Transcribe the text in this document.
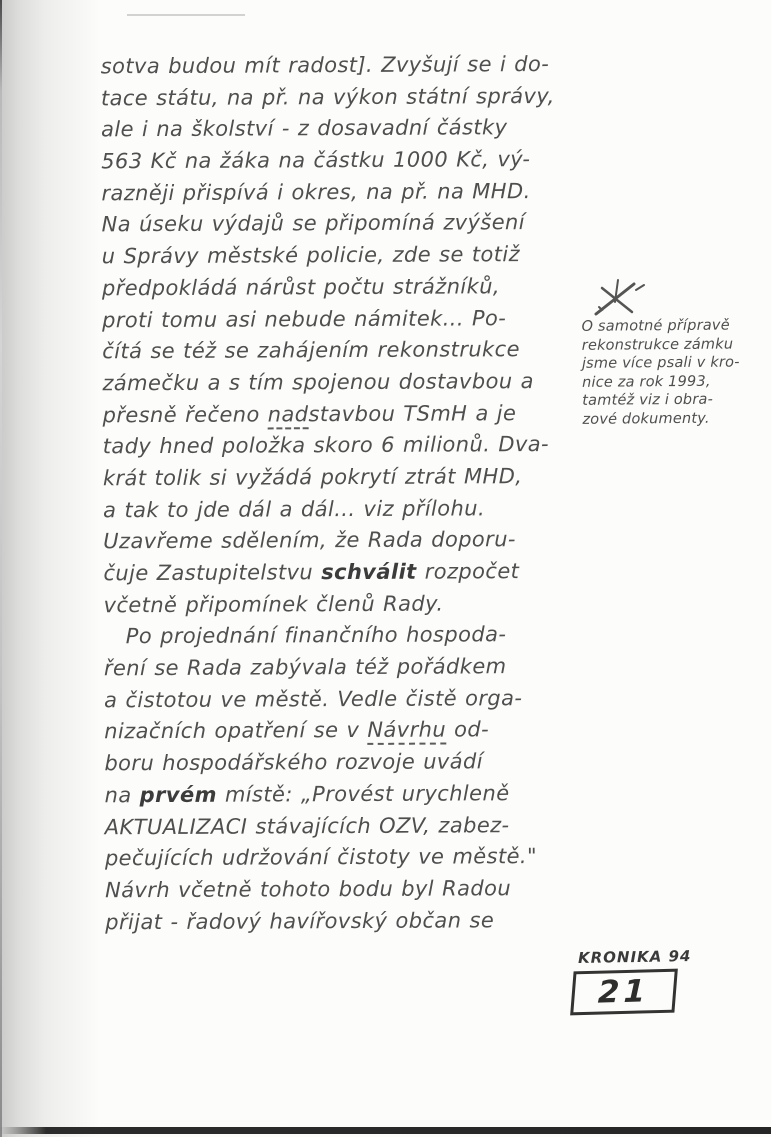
sotva budou mít radost]. Zvyšují se i do-
tace státu, na př. na výkon státní správy,
ale i na školství - z dosavadní částky
563 Kč na žáka na částku 1000 Kč, vý-
razněji přispívá i okres, na př. na MHD.
Na úseku výdajů se připomíná zvýšení
u Správy městské policie, zde se totiž
předpokládá nárůst počtu strážníků,
proti tomu asi nebude námitek... Po-
čítá se též se zahájením rekonstrukce
zámečku a s tím spojenou dostavbou a
přesně řečeno nadstavbou TSmH a je
tady hned položka skoro 6 milionů. Dva-
krát tolik si vyžádá pokrytí ztrát MHD,
a tak to jde dál a dál... viz přílohu.
Uzavřeme sdělením, že Rada doporu-
čuje Zastupitelstvu schválit rozpočet
včetně připomínek členů Rady.
Po projednání finančního hospoda-
ření se Rada zabývala též pořádkem
a čistotou ve městě. Vedle čistě orga-
nizačních opatření se v Návrhu od-
boru hospodářského rozvoje uvádí
na prvém místě: „Provést urychleně
AKTUALIZACI stávajících OZV, zabez-
pečujících udržování čistoty ve městě."
Návrh včetně tohoto bodu byl Radou
přijat - řadový havířovský občan se
O samotné přípravě
rekonstrukce zámku
jsme více psali v kro-
nice za rok 1993,
tamtéž viz i obra-
zové dokumenty.
KRONIKA 94
21
